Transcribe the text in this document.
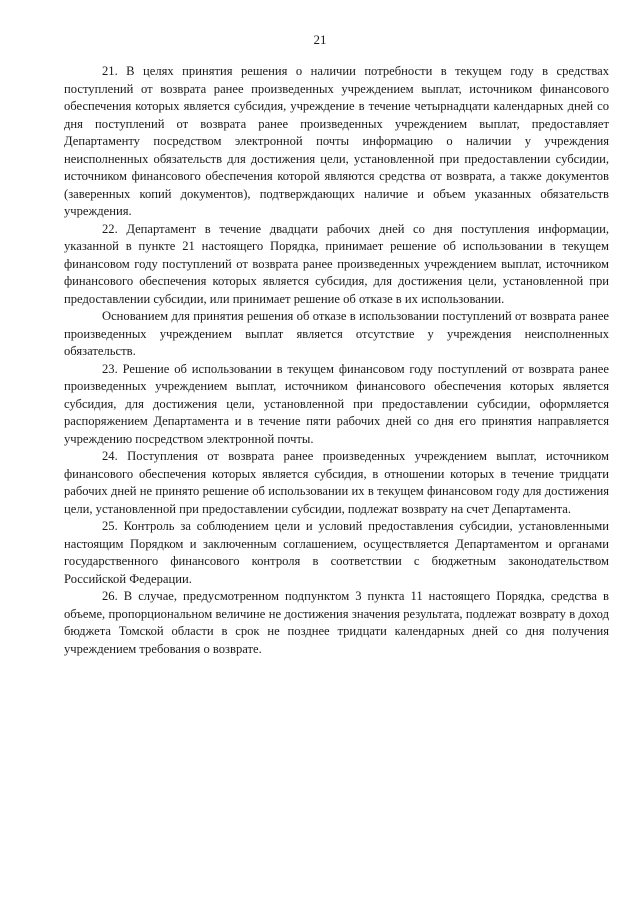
21

21. В целях принятия решения о наличии потребности в текущем году в средствах поступлений от возврата ранее произведенных учреждением выплат, источником финансового обеспечения которых является субсидия, учреждение в течение четырнадцати календарных дней со дня поступлений от возврата ранее произведенных учреждением выплат, предоставляет Департаменту посредством электронной почты информацию о наличии у учреждения неисполненных обязательств для достижения цели, установленной при предоставлении субсидии, источником финансового обеспечения которой являются средства от возврата, а также документов (заверенных копий документов), подтверждающих наличие и объем указанных обязательств учреждения.

22. Департамент в течение двадцати рабочих дней со дня поступления информации, указанной в пункте 21 настоящего Порядка, принимает решение об использовании в текущем финансовом году поступлений от возврата ранее произведенных учреждением выплат, источником финансового обеспечения которых является субсидия, для достижения цели, установленной при предоставлении субсидии, или принимает решение об отказе в их использовании.

Основанием для принятия решения об отказе в использовании поступлений от возврата ранее произведенных учреждением выплат является отсутствие у учреждения неисполненных обязательств.

23. Решение об использовании в текущем финансовом году поступлений от возврата ранее произведенных учреждением выплат, источником финансового обеспечения которых является субсидия, для достижения цели, установленной при предоставлении субсидии, оформляется распоряжением Департамента и в течение пяти рабочих дней со дня его принятия направляется учреждению посредством электронной почты.

24. Поступления от возврата ранее произведенных учреждением выплат, источником финансового обеспечения которых является субсидия, в отношении которых в течение тридцати рабочих дней не принято решение об использовании их в текущем финансовом году для достижения цели, установленной при предоставлении субсидии, подлежат возврату на счет Департамента.

25. Контроль за соблюдением цели и условий предоставления субсидии, установленными настоящим Порядком и заключенным соглашением, осуществляется Департаментом и органами государственного финансового контроля в соответствии с бюджетным законодательством Российской Федерации.

26. В случае, предусмотренном подпунктом 3 пункта 11 настоящего Порядка, средства в объеме, пропорциональном величине не достижения значения результата, подлежат возврату в доход бюджета Томской области в срок не позднее тридцати календарных дней со дня получения учреждением требования о возврате.
